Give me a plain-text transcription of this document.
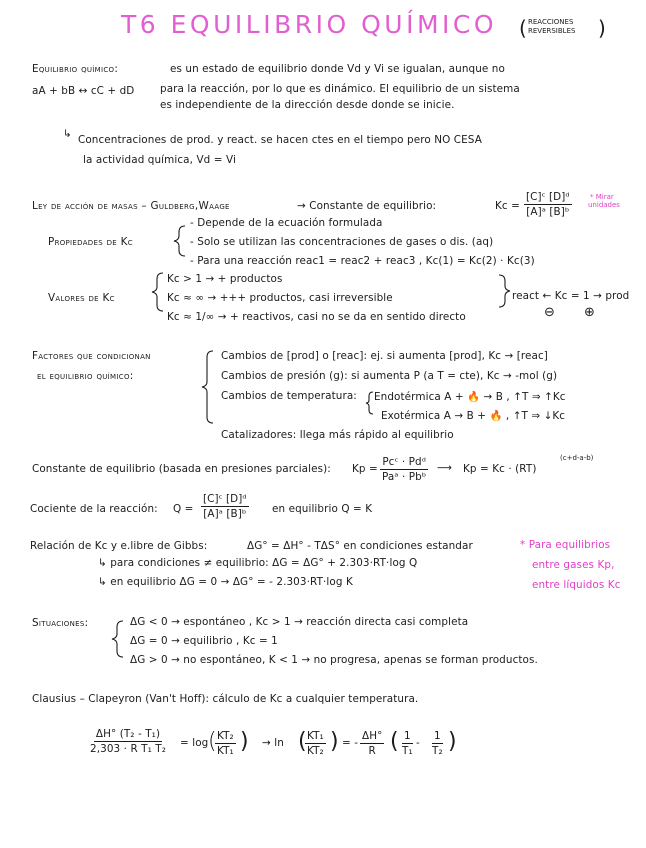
T6 EQUILIBRIO QUÍMICO ( REACCIONES
REVERSIBLES )
Equilibrio químico:	es un estado de equilibrio donde Vd y Vi se igualan, aunque no
aA + bB ↔ cC + dD para la reacción, por lo que es dinámico. El equilibrio de un sistema
es independiente de la dirección desde donde se inicie.
↳ Concentraciones de prod. y react. se hacen ctes en el tiempo pero NO CESA
la actividad química, Vd = Vi
Ley de acción de masas – Guldberg,Waage	→ Constante de equilibrio:	$Kc = \frac{\text{[C]ᶜ [D]ᵈ}}{\text{[A]ᵃ [B]ᵇ}}$	* Mirar
unidades
Propiedades de Kc
- Depende de la ecuación formulada
- Solo se utilizan las concentraciones de gases o dis. (aq)
- Para una reacción reac1 = reac2 + reac3 , Kc(1) = Kc(2) · Kc(3)
Valores de Kc
Kc > 1 → + productos
Kc ≈ ∞ → +++ productos, casi irreversible
Kc ≈ 1/∞ → + reactivos, casi no se da en sentido directo
react ← Kc = 1 → prod
⊖ ⊕
Factores que condicionan
el equilibrio químico:
Cambios de [prod] o [reac]: ej. si aumenta [prod], Kc → [reac]
Cambios de presión (g): si aumenta P (a T = cte), Kc → -mol (g)
Cambios de temperatura: Endotérmica A + 🔥 → B , ↑T ⇒ ↑Kc
Exotérmica A → B + 🔥 , ↑T ⇒ ↓Kc
Catalizadores: llega más rápido al equilibrio
Constante de equilibrio (basada en presiones parciales): Kp =
Pcᶜ · Pdᵈ
Paᵃ · Pbᵇ
⟶ Kp = Kc · (RT)
(c+d-a-b)
Cociente de la reacción: $Q = \frac{\text{[C]ᶜ [D]ᵈ}}{\text{[A]ᵃ [B]ᵇ}}$ en equilibrio Q = K
Relación de Kc y e.libre de Gibbs:	ΔG° = ΔH° - TΔS° en condiciones estandar
↳ para condiciones ≠ equilibrio: ΔG = ΔG° + 2.303·RT·log Q
↳ en equilibrio ΔG = 0 → ΔG° = - 2.303·RT·log K
* Para equilibrios
entre gases Kp,
entre líquidos Kc
Situaciones:	ΔG < 0 → espontáneo , Kc > 1 → reacción directa casi completa
ΔG = 0 → equilibrio , Kc = 1
ΔG > 0 → no espontáneo, K < 1 → no progresa, apenas se forman productos.
Clausius – Clapeyron (Van't Hoff): cálculo de Kc a cualquier temperatura.
$\frac{\text{ΔH° (T₂ - T₁)}}{\text{2,303 · R T₁ T₂}} = \log$ (
$\frac{\text{KT₂}}{\text{KT₁}}$ ) → ln (
$\frac{\text{KT₁}}{\text{KT₂}}$ ) = - $\frac{\Delta H^\circ}{R}$ ( $\frac{1}{\text{T₁}} - \frac{1}{\text{T₂}}$ )
